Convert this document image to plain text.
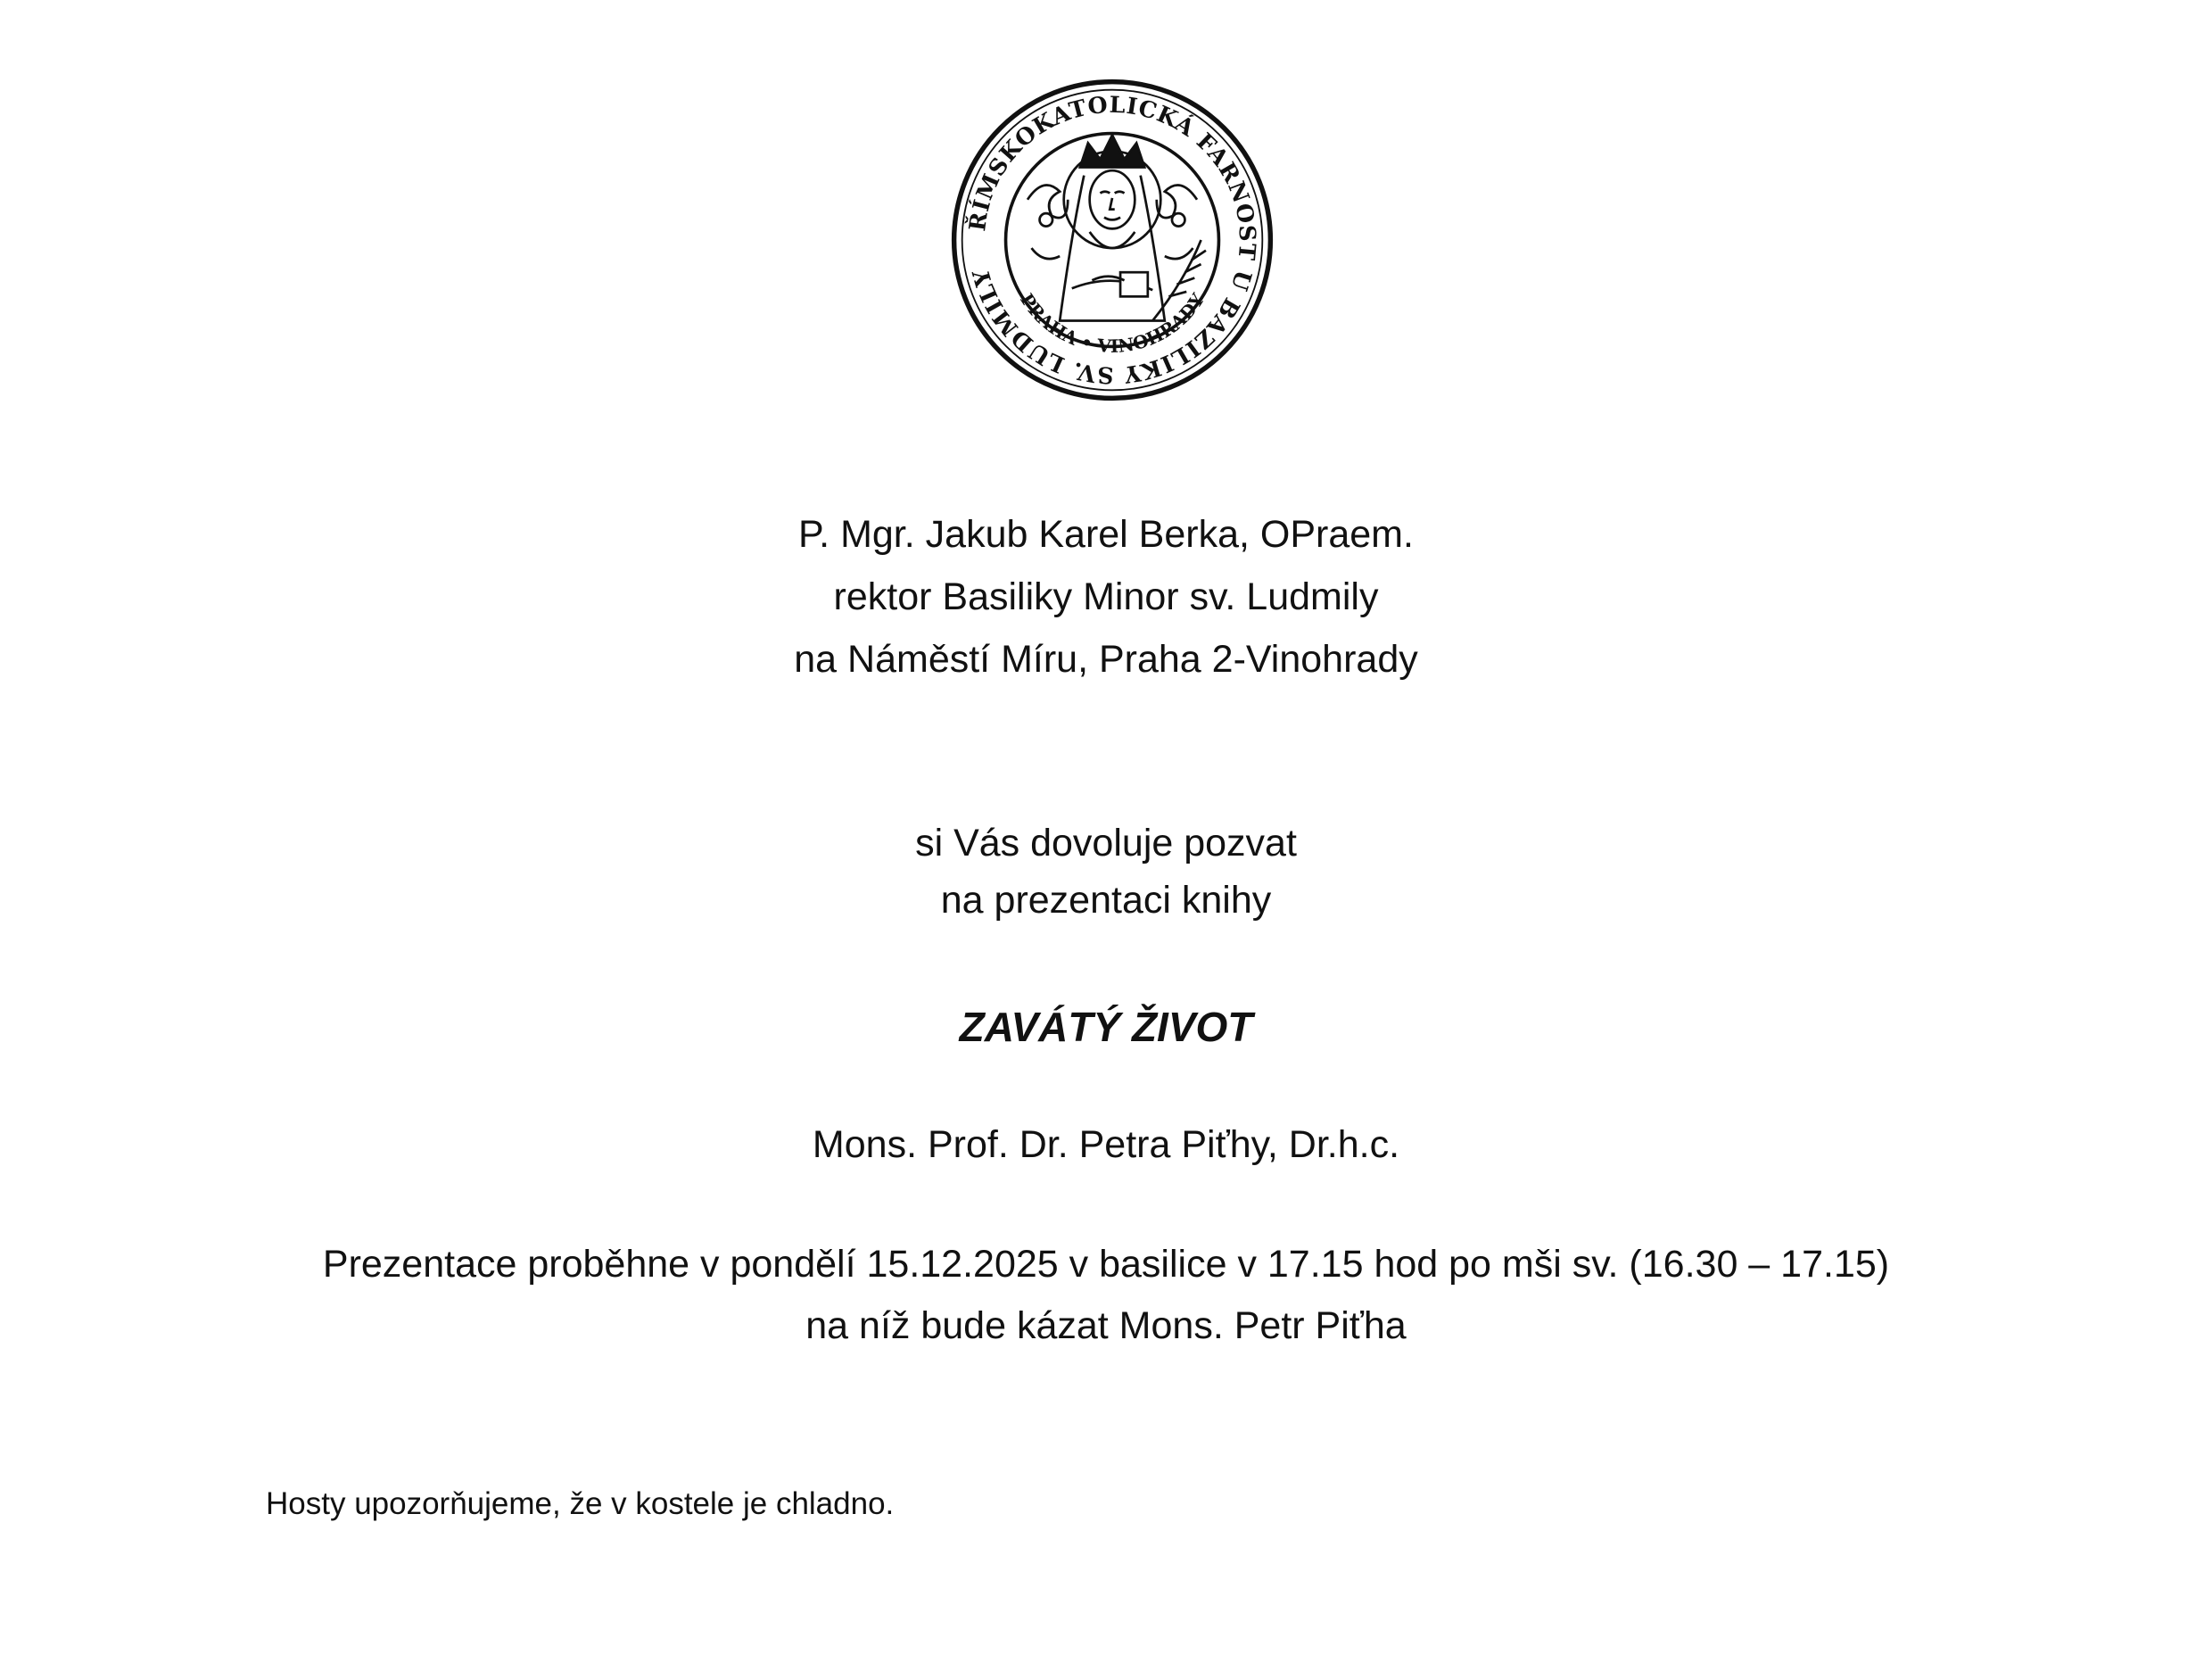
ŘÍMSKOKATOLICKÁ FARNOST U BAZILIKY SV. LUDMILY
PRAHA • VINOHRADY
P. Mgr. Jakub Karel Berka, OPraem.
rektor Basiliky Minor sv. Ludmily
na Náměstí Míru, Praha 2-Vinohrady
si Vás dovoluje pozvat
na prezentaci knihy
ZAVÁTÝ ŽIVOT
Mons. Prof. Dr. Petra Piťhy, Dr.h.c.
Prezentace proběhne v pondělí 15.12.2025 v basilice v 17.15 hod po mši sv. (16.30 – 17.15)
na níž bude kázat Mons. Petr Piťha
Hosty upozorňujeme, že v kostele je chladno.
